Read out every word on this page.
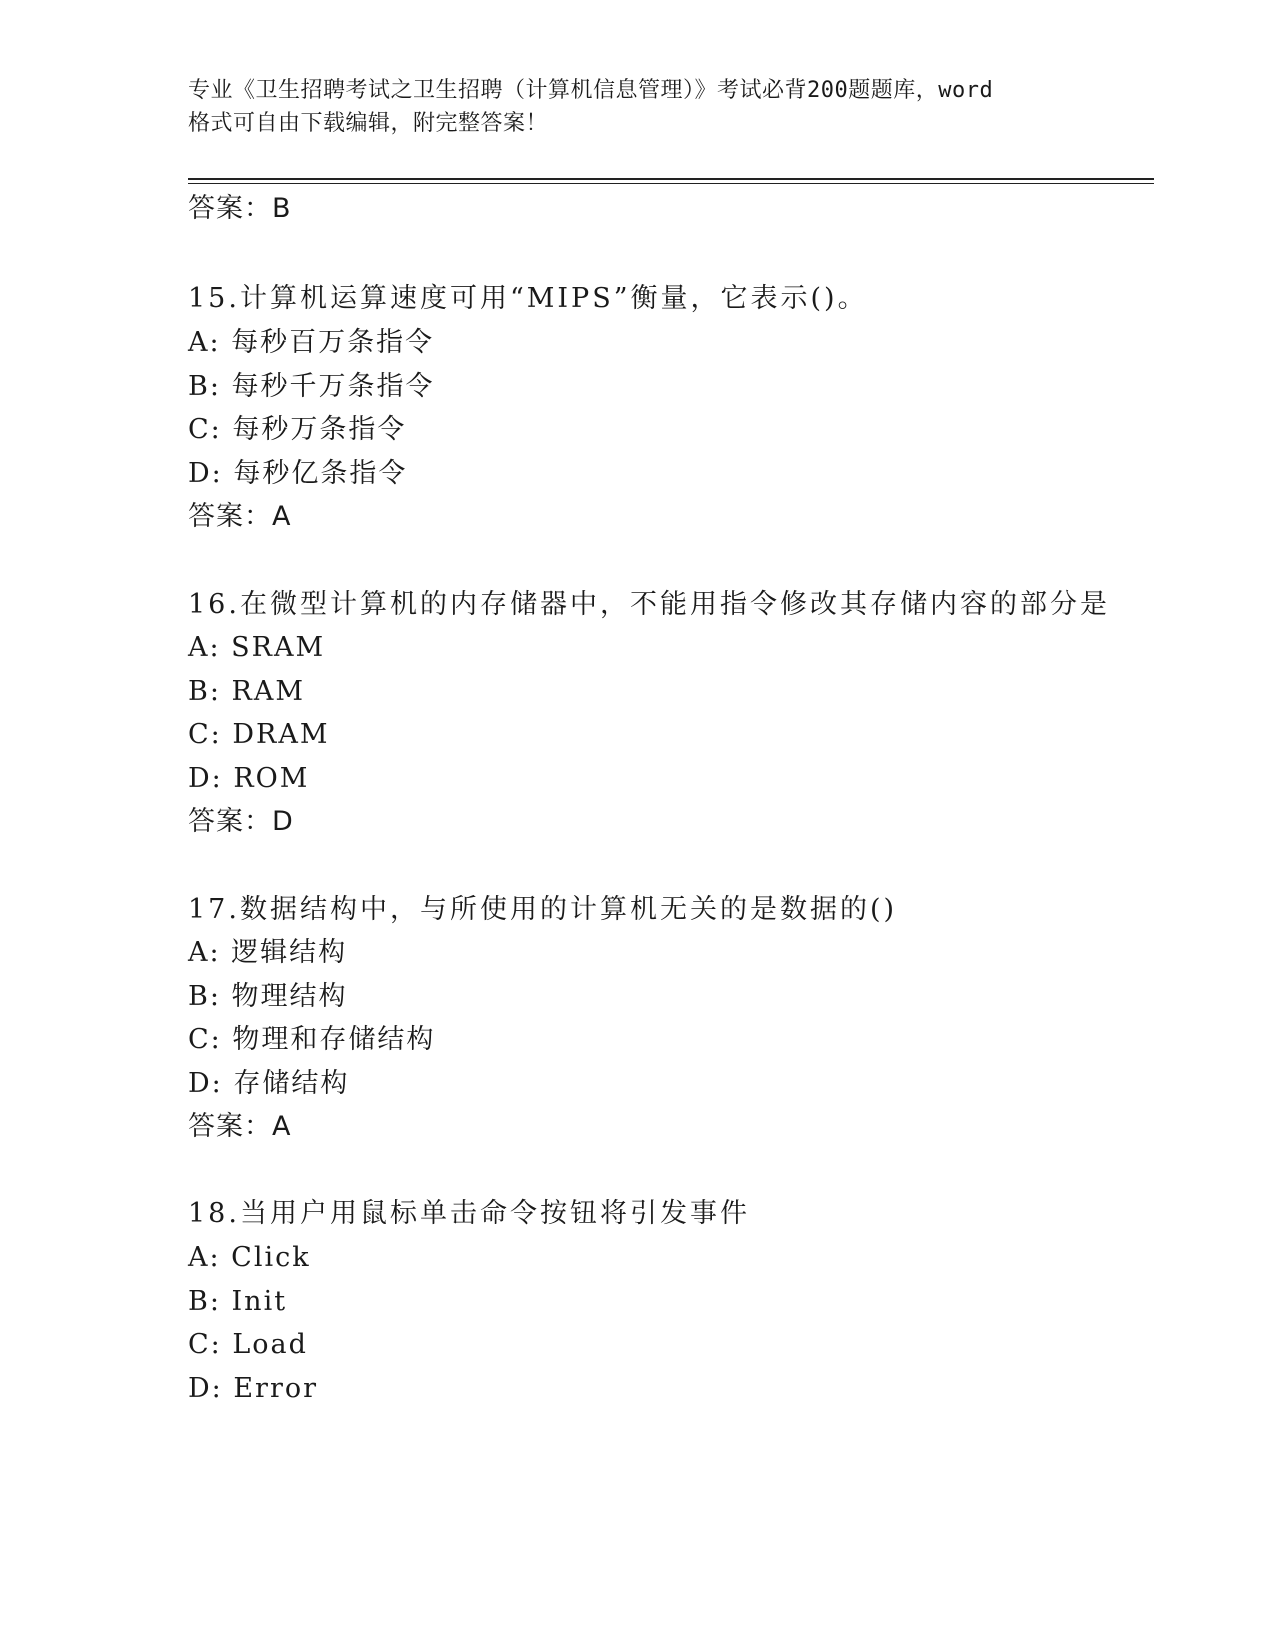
专业《卫生招聘考试之卫生招聘（计算机信息管理）》考试必背200题题库，word
格式可自由下载编辑，附完整答案！
答案：B
15.计算机运算速度可用“MIPS”衡量，它表示()。
A: 每秒百万条指令
B: 每秒千万条指令
C: 每秒万条指令
D: 每秒亿条指令
答案：A
16.在微型计算机的内存储器中，不能用指令修改其存储内容的部分是
A: SRAM
B: RAM
C: DRAM
D: ROM
答案：D
17.数据结构中，与所使用的计算机无关的是数据的()
A: 逻辑结构
B: 物理结构
C: 物理和存储结构
D: 存储结构
答案：A
18.当用户用鼠标单击命令按钮将引发事件
A: Click
B: Init
C: Load
D: Error
